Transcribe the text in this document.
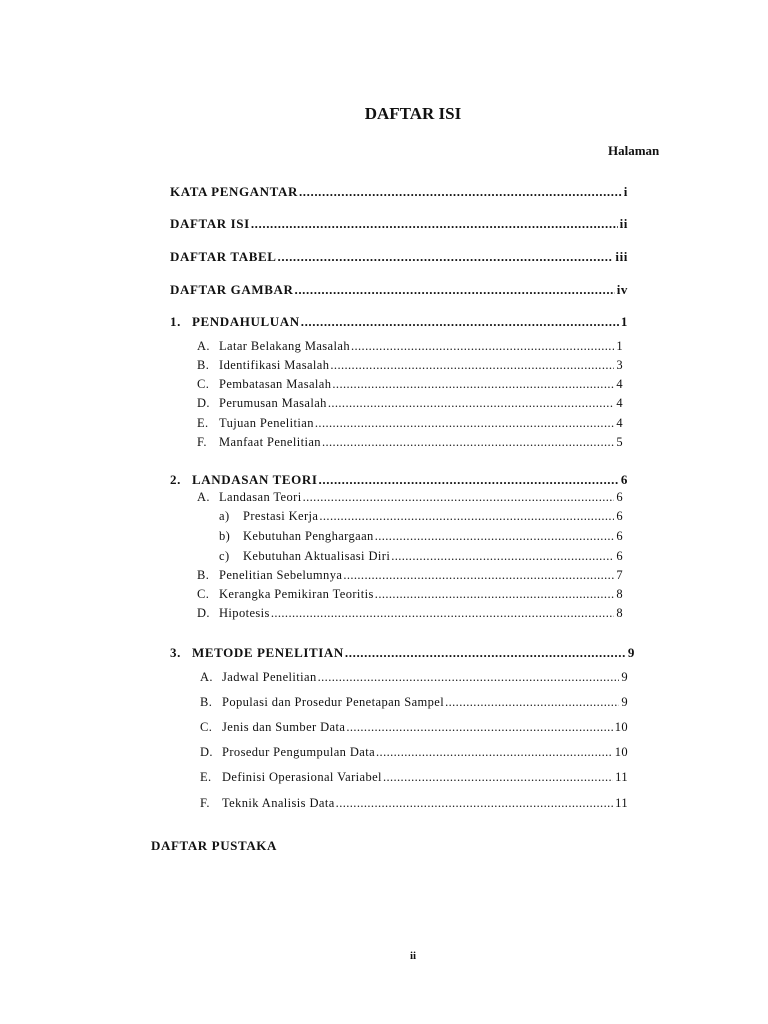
DAFTAR ISI
Halaman
KATA PENGANTAR .....	i
DAFTAR ISI .....	ii
DAFTAR TABEL .....	iii
DAFTAR GAMBAR .....	iv
1. PENDAHULUAN .....	1
A. Latar Belakang Masalah .....	1
B. Identifikasi Masalah .....	3
C. Pembatasan Masalah .....	4
D. Perumusan Masalah .....	4
E. Tujuan Penelitian .....	4
F. Manfaat Penelitian .....	5
2. LANDASAN TEORI .....	6
A. Landasan Teori .....	6
a) Prestasi Kerja .....	6
b) Kebutuhan Penghargaan .....	6
c) Kebutuhan Aktualisasi Diri .....	6
B. Penelitian Sebelumnya .....	7
C. Kerangka Pemikiran Teoritis .....	8
D. Hipotesis .....	8
3. METODE PENELITIAN .....	9
A. Jadwal Penelitian .....	9
B. Populasi dan Prosedur Penetapan Sampel .....	9
C. Jenis dan Sumber Data .....	10
D. Prosedur Pengumpulan Data .....	10
E. Definisi Operasional Variabel .....	11
F. Teknik Analisis Data .....	11
DAFTAR PUSTAKA
ii
